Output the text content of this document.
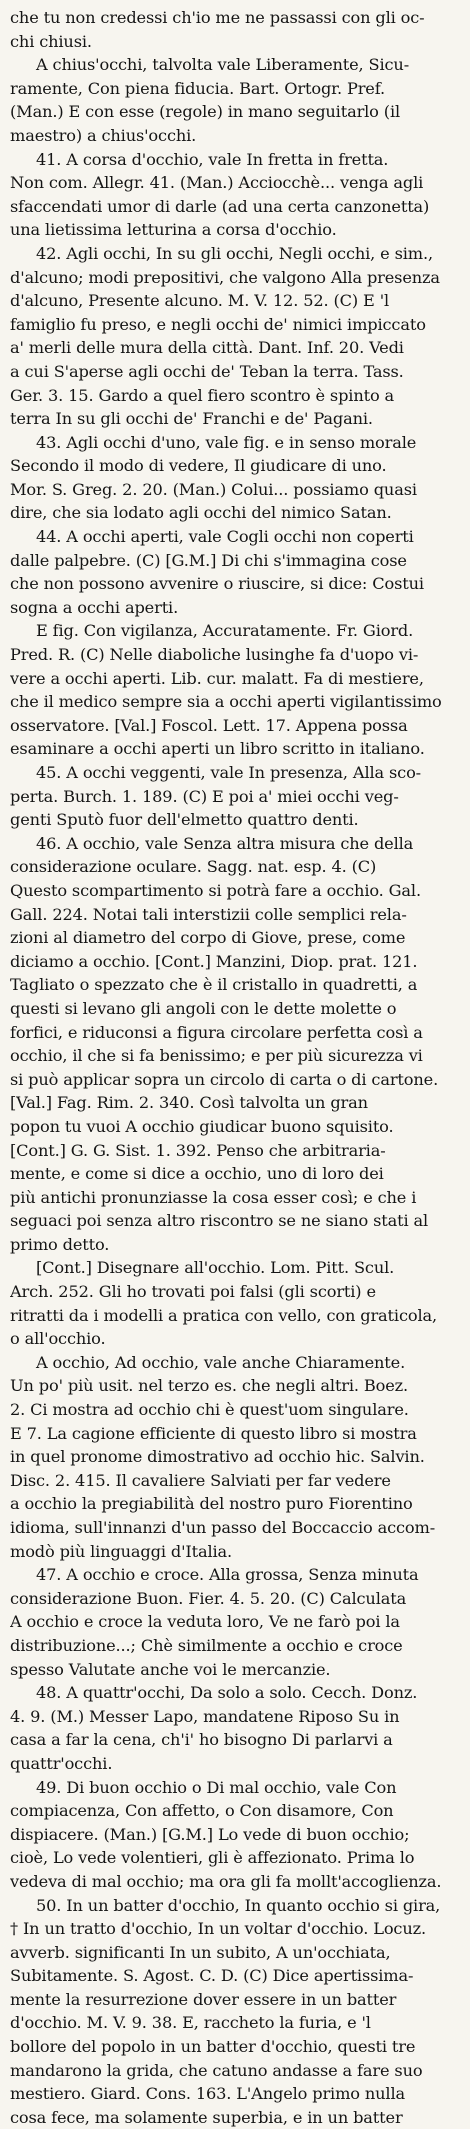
che tu non credessi ch'io me ne passassi con gli oc-
chi chiusi.
A chius'occhi, talvolta vale Liberamente, Sicu-
ramente, Con piena fiducia. Bart. Ortogr. Pref.
(Man.) E con esse (regole) in mano seguitarlo (il
maestro) a chius'occhi.
41. A corsa d'occhio, vale In fretta in fretta.
Non com. Allegr. 41. (Man.) Acciocchè... venga agli
sfaccendati umor di darle (ad una certa canzonetta)
una lietissima letturina a corsa d'occhio.
42. Agli occhi, In su gli occhi, Negli occhi, e sim.,
d'alcuno; modi prepositivi, che valgono Alla presenza
d'alcuno, Presente alcuno. M. V. 12. 52. (C) E 'l
famiglio fu preso, e negli occhi de' nimici impiccato
a' merli delle mura della città. Dant. Inf. 20. Vedi
a cui S'aperse agli occhi de' Teban la terra. Tass.
Ger. 3. 15. Gardo a quel fiero scontro è spinto a
terra In su gli occhi de' Franchi e de' Pagani.
43. Agli occhi d'uno, vale fig. e in senso morale
Secondo il modo di vedere, Il giudicare di uno.
Mor. S. Greg. 2. 20. (Man.) Colui... possiamo quasi
dire, che sia lodato agli occhi del nimico Satan.
44. A occhi aperti, vale Cogli occhi non coperti
dalle palpebre. (C) [G.M.] Di chi s'immagina cose
che non possono avvenire o riuscire, si dice: Costui
sogna a occhi aperti.
E fig. Con vigilanza, Accuratamente. Fr. Giord.
Pred. R. (C) Nelle diaboliche lusinghe fa d'uopo vi-
vere a occhi aperti. Lib. cur. malatt. Fa di mestiere,
che il medico sempre sia a occhi aperti vigilantissimo
osservatore. [Val.] Foscol. Lett. 17. Appena possa
esaminare a occhi aperti un libro scritto in italiano.
45. A occhi veggenti, vale In presenza, Alla sco-
perta. Burch. 1. 189. (C) E poi a' miei occhi veg-
genti Sputò fuor dell'elmetto quattro denti.
46. A occhio, vale Senza altra misura che della
considerazione oculare. Sagg. nat. esp. 4. (C)
Questo scompartimento si potrà fare a occhio. Gal.
Gall. 224. Notai tali interstizii colle semplici rela-
zioni al diametro del corpo di Giove, prese, come
diciamo a occhio. [Cont.] Manzini, Diop. prat. 121.
Tagliato o spezzato che è il cristallo in quadretti, a
questi si levano gli angoli con le dette molette o
forfici, e riduconsi a figura circolare perfetta così a
occhio, il che si fa benissimo; e per più sicurezza vi
si può applicar sopra un circolo di carta o di cartone.
[Val.] Fag. Rim. 2. 340. Così talvolta un gran
popon tu vuoi A occhio giudicar buono squisito.
[Cont.] G. G. Sist. 1. 392. Penso che arbitraria-
mente, e come si dice a occhio, uno di loro dei
più antichi pronunziasse la cosa esser così; e che i
seguaci poi senza altro riscontro se ne siano stati al
primo detto.
[Cont.] Disegnare all'occhio. Lom. Pitt. Scul.
Arch. 252. Gli ho trovati poi falsi (gli scorti) e
ritratti da i modelli a pratica con vello, con graticola,
o all'occhio.
A occhio, Ad occhio, vale anche Chiaramente.
Un po' più usit. nel terzo es. che negli altri. Boez.
2. Ci mostra ad occhio chi è quest'uom singulare.
E 7. La cagione efficiente di questo libro si mostra
in quel pronome dimostrativo ad occhio hic. Salvin.
Disc. 2. 415. Il cavaliere Salviati per far vedere
a occhio la pregiabilità del nostro puro Fiorentino
idioma, sull'innanzi d'un passo del Boccaccio accom-
modò più linguaggi d'Italia.
47. A occhio e croce. Alla grossa, Senza minuta
considerazione Buon. Fier. 4. 5. 20. (C) Calculata
A occhio e croce la veduta loro, Ve ne farò poi la
distribuzione...; Chè similmente a occhio e croce
spesso Valutate anche voi le mercanzie.
48. A quattr'occhi, Da solo a solo. Cecch. Donz.
4. 9. (M.) Messer Lapo, mandatene Riposo Su in
casa a far la cena, ch'i' ho bisogno Di parlarvi a
quattr'occhi.
49. Di buon occhio o Di mal occhio, vale Con
compiacenza, Con affetto, o Con disamore, Con
dispiacere. (Man.) [G.M.] Lo vede di buon occhio;
cioè, Lo vede volentieri, gli è affezionato. Prima lo
vedeva di mal occhio; ma ora gli fa mollt'accoglienza.
50. In un batter d'occhio, In quanto occhio si gira,
† In un tratto d'occhio, In un voltar d'occhio. Locuz.
avverb. significanti In un subito, A un'occhiata,
Subitamente. S. Agost. C. D. (C) Dice apertissima-
mente la resurrezione dover essere in un batter
d'occhio. M. V. 9. 38. E, raccheto la furia, e 'l
bollore del popolo in un batter d'occhio, questi tre
mandarono la grida, che catuno andasse a fare suo
mestiero. Giard. Cons. 163. L'Angelo primo nulla
cosa fece, ma solamente superbia, e in un batter
